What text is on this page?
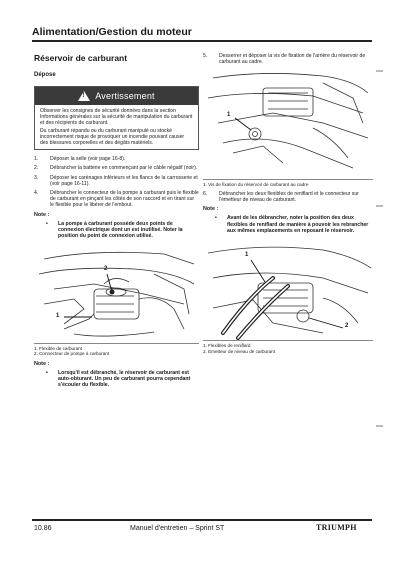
Alimentation/Gestion du moteur
Réservoir de carburant
Dépose
!
Avertissement

Observer les consignes de sécurité données dans la section Informations générales sur la sécurité de manipulation du carburant et des récipients de carburant.

Du carburant répandu ou du carburant manipulé ou stocké incorrectement risque de provoquer un incendie pouvant causer des blessures corporelles et des dégâts matériels.

1.	Déposer la selle (voir page 16-8).
2.	Débrancher la batterie en commençant par le câble négatif (noir).
3.	Déposer les carénages inférieurs et les flancs de la carrosserie et (voir page 16-11).
4.	Débrancher le connecteur de la pompe à carburant puis le flexible de carburant en pinçant les côtés de son raccord et en tirant sur le flexible pour le libérer de l'embout.
Note :
•	La pompe à carburant possède deux points de connexion électrique dont un est inutilisé. Noter la position du point de connexion utilisé.
1
2
1. Flexible de carburant
2. Connecteur de pompe à carburant
Note :
•	Lorsqu'il est débranché, le réservoir de carburant est auto-obturant. Un peu de carburant pourra cependant s'écouler du flexible.
5.	Desserrer et déposer la vis de fixation de l'arrière du réservoir de carburant au cadre.
1
1. Vis de fixation du réservoir de carburant au cadre
6.	Débrancher les deux flexibles de reniflard et le connecteur sur l'émetteur de niveau de carburant.
Note :
•	Avant de les débrancher, noter la position des deux flexibles de reniflard de manière à pouvoir les rebrancher aux mêmes emplacements en reposant le réservoir.
1
2
1. Flexibles de reniflard
2. Emetteur de niveau de carburant
10.86	Manuel d'entretien – Sprint ST	TRIUMPH
